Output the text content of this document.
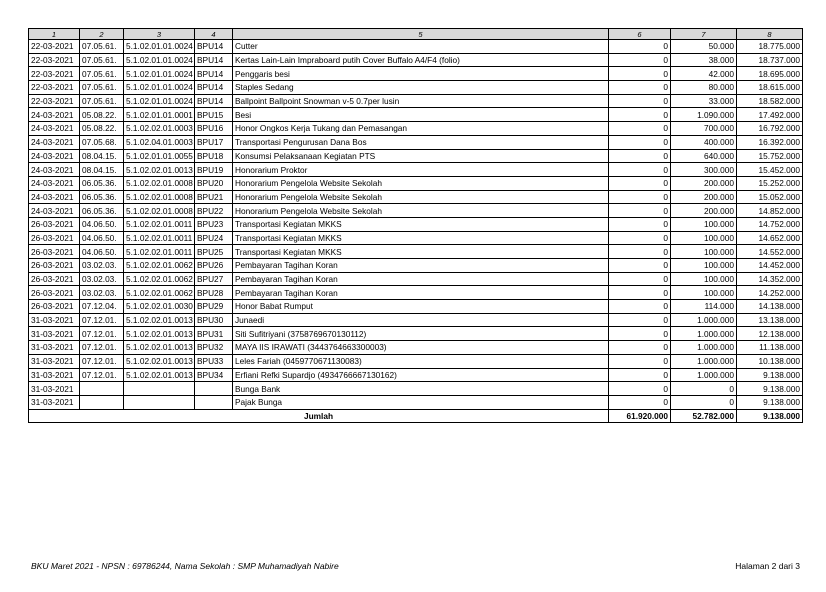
1	2	3	4	5	6	7	8
22-03-2021	07.05.61.	5.1.02.01.01.0024	BPU14	Cutter	0	50.000	18.775.000
22-03-2021	07.05.61.	5.1.02.01.01.0024	BPU14	Kertas Lain-Lain Impraboard putih Cover Buffalo A4/F4 (folio)	0	38.000	18.737.000
22-03-2021	07.05.61.	5.1.02.01.01.0024	BPU14	Penggaris besi	0	42.000	18.695.000
22-03-2021	07.05.61.	5.1.02.01.01.0024	BPU14	Staples Sedang	0	80.000	18.615.000
22-03-2021	07.05.61.	5.1.02.01.01.0024	BPU14	Ballpoint Ballpoint Snowman v-5 0.7per lusin	0	33.000	18.582.000
24-03-2021	05.08.22.	5.1.02.01.01.0001	BPU15	Besi	0	1.090.000	17.492.000
24-03-2021	05.08.22.	5.1.02.02.01.0003	BPU16	Honor Ongkos Kerja Tukang dan Pemasangan	0	700.000	16.792.000
24-03-2021	07.05.68.	5.1.02.04.01.0003	BPU17	Transportasi Pengurusan Dana Bos	0	400.000	16.392.000
24-03-2021	08.04.15.	5.1.02.01.01.0055	BPU18	Konsumsi Pelaksanaan Kegiatan PTS	0	640.000	15.752.000
24-03-2021	08.04.15.	5.1.02.02.01.0013	BPU19	Honorarium Proktor	0	300.000	15.452.000
24-03-2021	06.05.36.	5.1.02.02.01.0008	BPU20	Honorarium Pengelola Website Sekolah	0	200.000	15.252.000
24-03-2021	06.05.36.	5.1.02.02.01.0008	BPU21	Honorarium Pengelola Website Sekolah	0	200.000	15.052.000
24-03-2021	06.05.36.	5.1.02.02.01.0008	BPU22	Honorarium Pengelola Website Sekolah	0	200.000	14.852.000
26-03-2021	04.06.50.	5.1.02.02.01.0011	BPU23	Transportasi Kegiatan MKKS	0	100.000	14.752.000
26-03-2021	04.06.50.	5.1.02.02.01.0011	BPU24	Transportasi Kegiatan MKKS	0	100.000	14.652.000
26-03-2021	04.06.50.	5.1.02.02.01.0011	BPU25	Transportasi Kegiatan MKKS	0	100.000	14.552.000
26-03-2021	03.02.03.	5.1.02.02.01.0062	BPU26	Pembayaran Tagihan Koran	0	100.000	14.452.000
26-03-2021	03.02.03.	5.1.02.02.01.0062	BPU27	Pembayaran Tagihan Koran	0	100.000	14.352.000
26-03-2021	03.02.03.	5.1.02.02.01.0062	BPU28	Pembayaran Tagihan Koran	0	100.000	14.252.000
26-03-2021	07.12.04.	5.1.02.02.01.0030	BPU29	Honor Babat Rumput	0	114.000	14.138.000
31-03-2021	07.12.01.	5.1.02.02.01.0013	BPU30	Junaedi	0	1.000.000	13.138.000
31-03-2021	07.12.01.	5.1.02.02.01.0013	BPU31	Siti Sufitriyani (3758769670130112)	0	1.000.000	12.138.000
31-03-2021	07.12.01.	5.1.02.02.01.0013	BPU32	MAYA IIS IRAWATI (3443764663300003)	0	1.000.000	11.138.000
31-03-2021	07.12.01.	5.1.02.02.01.0013	BPU33	Leles Fariah (0459770671130083)	0	1.000.000	10.138.000
31-03-2021	07.12.01.	5.1.02.02.01.0013	BPU34	Erfiani Refki Supardjo (4934766667130162)	0	1.000.000	9.138.000
31-03-2021				Bunga Bank	0	0	9.138.000
31-03-2021				Pajak Bunga	0	0	9.138.000
Jumlah					61.920.000	52.782.000	9.138.000
BKU Maret 2021 - NPSN : 69786244, Nama Sekolah : SMP Muhamadiyah Nabire	Halaman 2 dari 3
